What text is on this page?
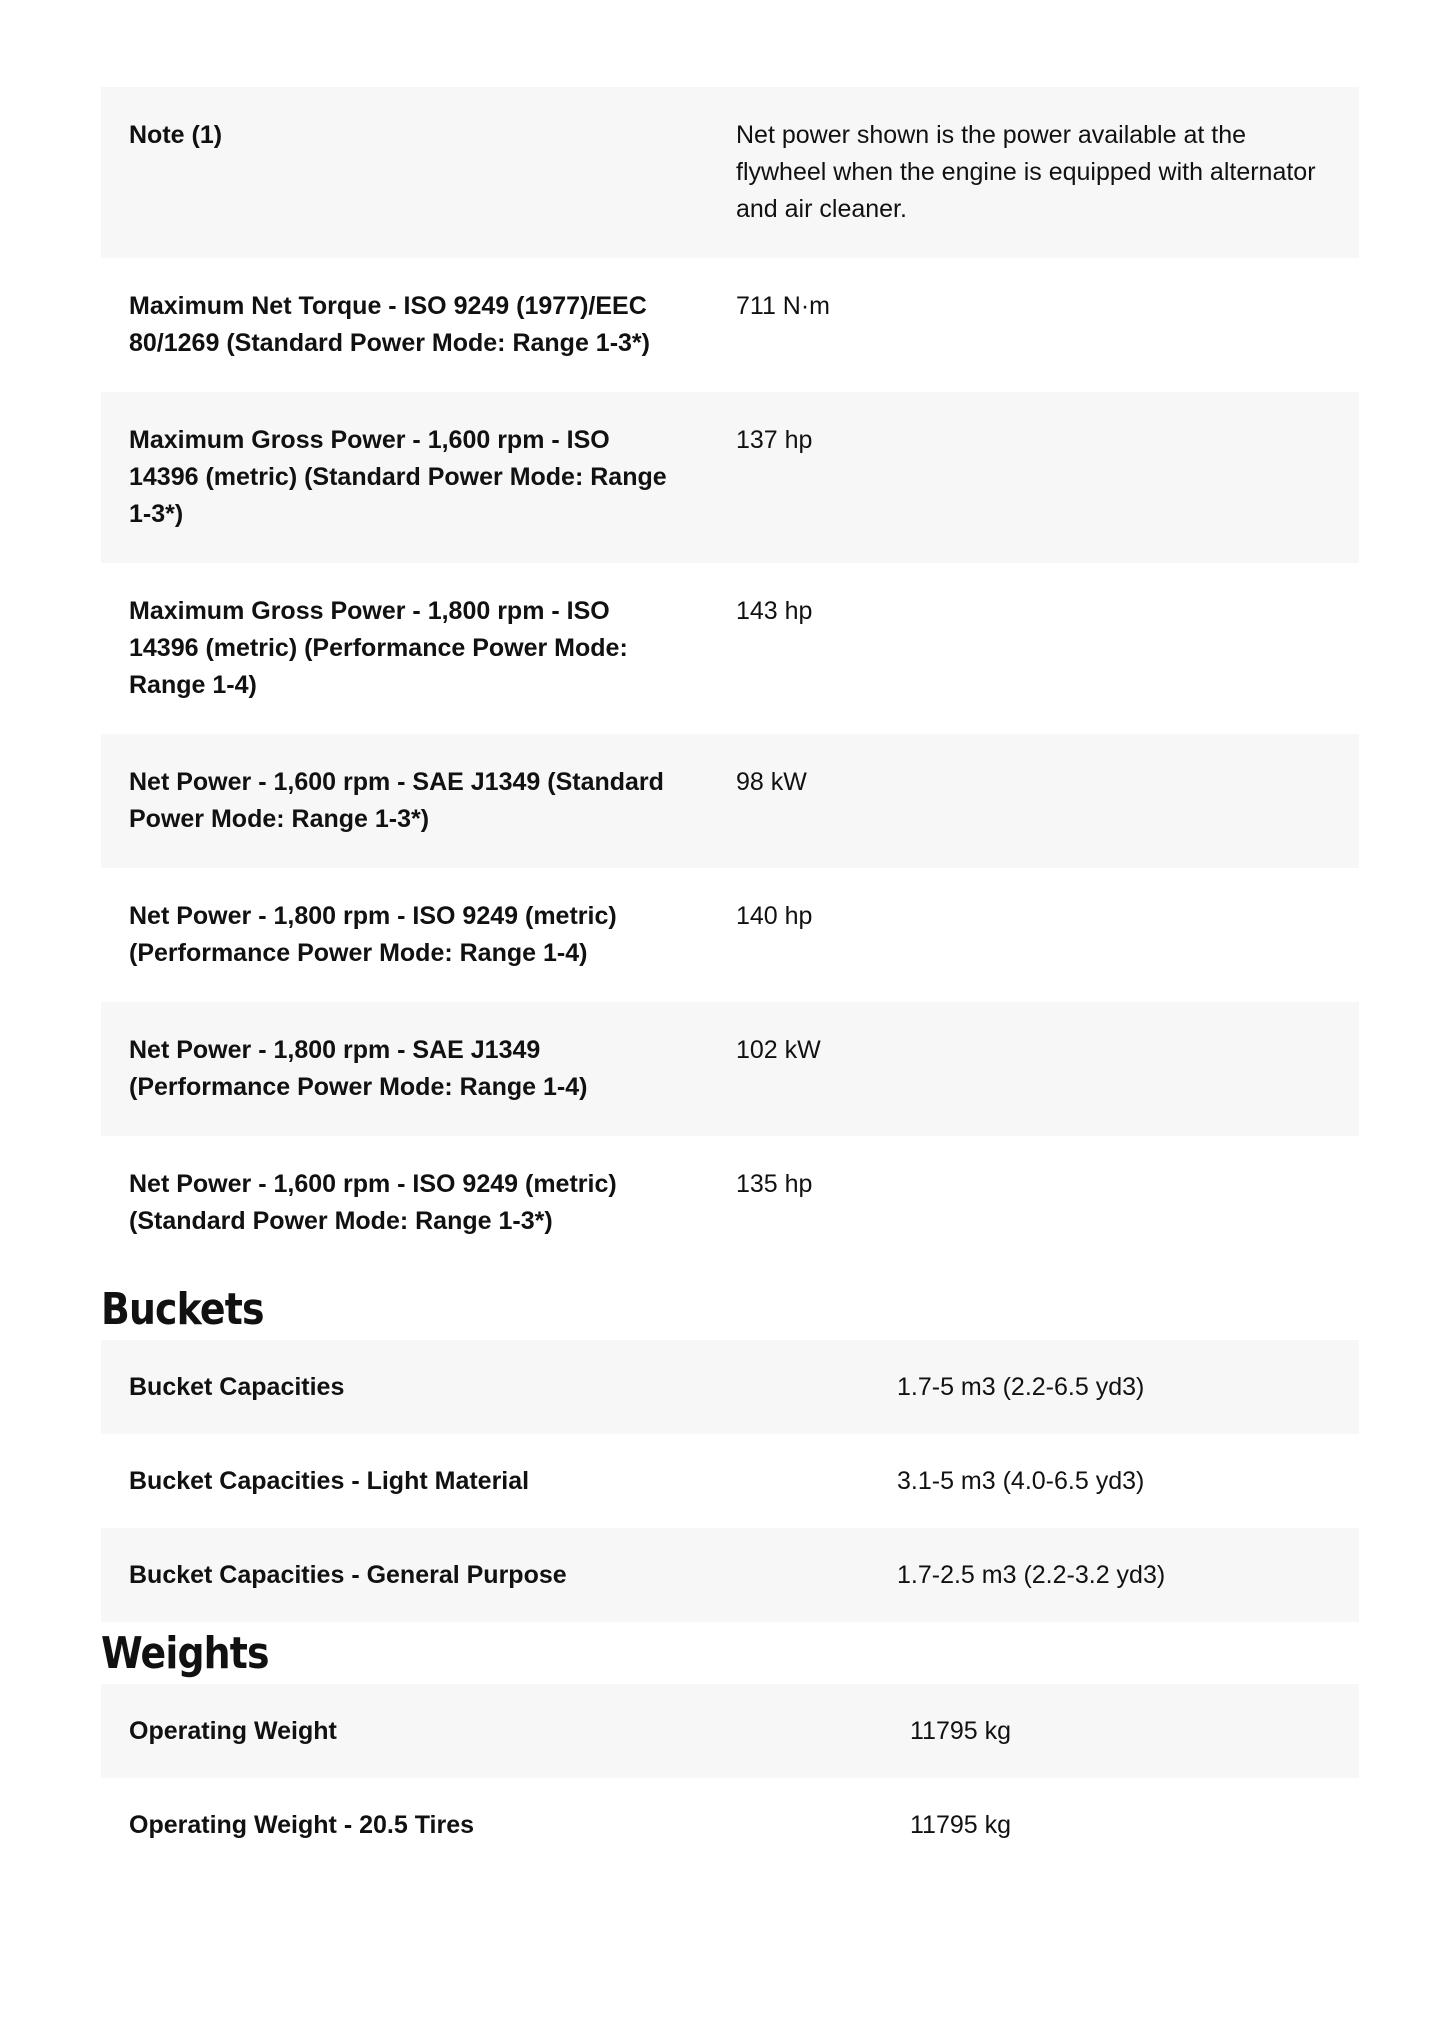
Note (1)	Net power shown is the power available at the flywheel when the engine is equipped with alternator and air cleaner.
Maximum Net Torque - ISO 9249 (1977)/EEC 80/1269 (Standard Power Mode: Range 1-3*)	711 N·m
Maximum Gross Power - 1,600 rpm - ISO 14396 (metric) (Standard Power Mode: Range 1-3*)	137 hp
Maximum Gross Power - 1,800 rpm - ISO 14396 (metric) (Performance Power Mode: Range 1-4)	143 hp
Net Power - 1,600 rpm - SAE J1349 (Standard Power Mode: Range 1-3*)	98 kW
Net Power - 1,800 rpm - ISO 9249 (metric) (Performance Power Mode: Range 1-4)	140 hp
Net Power - 1,800 rpm - SAE J1349 (Performance Power Mode: Range 1-4)	102 kW
Net Power - 1,600 rpm - ISO 9249 (metric) (Standard Power Mode: Range 1-3*)	135 hp
Buckets
Bucket Capacities	1.7-5 m3 (2.2-6.5 yd3)
Bucket Capacities - Light Material	3.1-5 m3 (4.0-6.5 yd3)
Bucket Capacities - General Purpose	1.7-2.5 m3 (2.2-3.2 yd3)
Weights
Operating Weight	11795 kg
Operating Weight - 20.5 Tires	11795 kg
